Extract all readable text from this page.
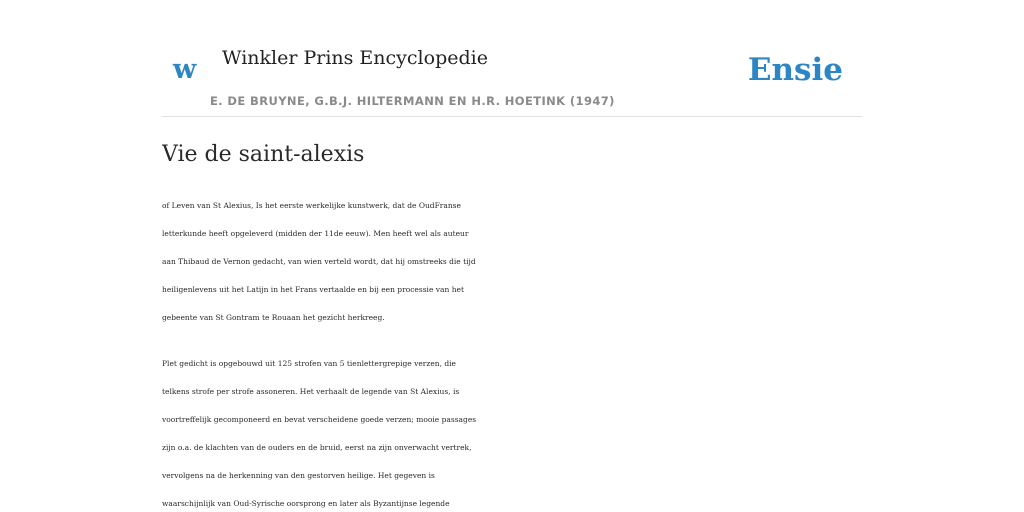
w Winkler Prins Encyclopedie
E. DE BRUYNE, G.B.J. HILTERMANN EN H.R. HOETINK (1947)
Ensie
Vie de saint-alexis

of Leven van St Alexius, Is het eerste werkelijke kunstwerk, dat de OudFranse
letterkunde heeft opgeleverd (midden der 11de eeuw). Men heeft wel als auteur
aan Thibaud de Vernon gedacht, van wien verteld wordt, dat hij omstreeks die tijd
heiligenlevens uit het Latijn in het Frans vertaalde en bij een processie van het
gebeente van St Gontram te Rouaan het gezicht herkreeg.

Plet gedicht is opgebouwd uit 125 strofen van 5 tienlettergrepige verzen, die
telkens strofe per strofe assoneren. Het verhaalt de legende van St Alexius, is
voortreffelijk gecomponeerd en bevat verscheidene goede verzen; mooie passages
zijn o.a. de klachten van de ouders en de bruid, eerst na zijn onverwacht vertrek,
vervolgens na de herkenning van den gestorven heilige. Het gegeven is
waarschijnlijk van Oud-Syrische oorsprong en later als Byzantijnse legende
